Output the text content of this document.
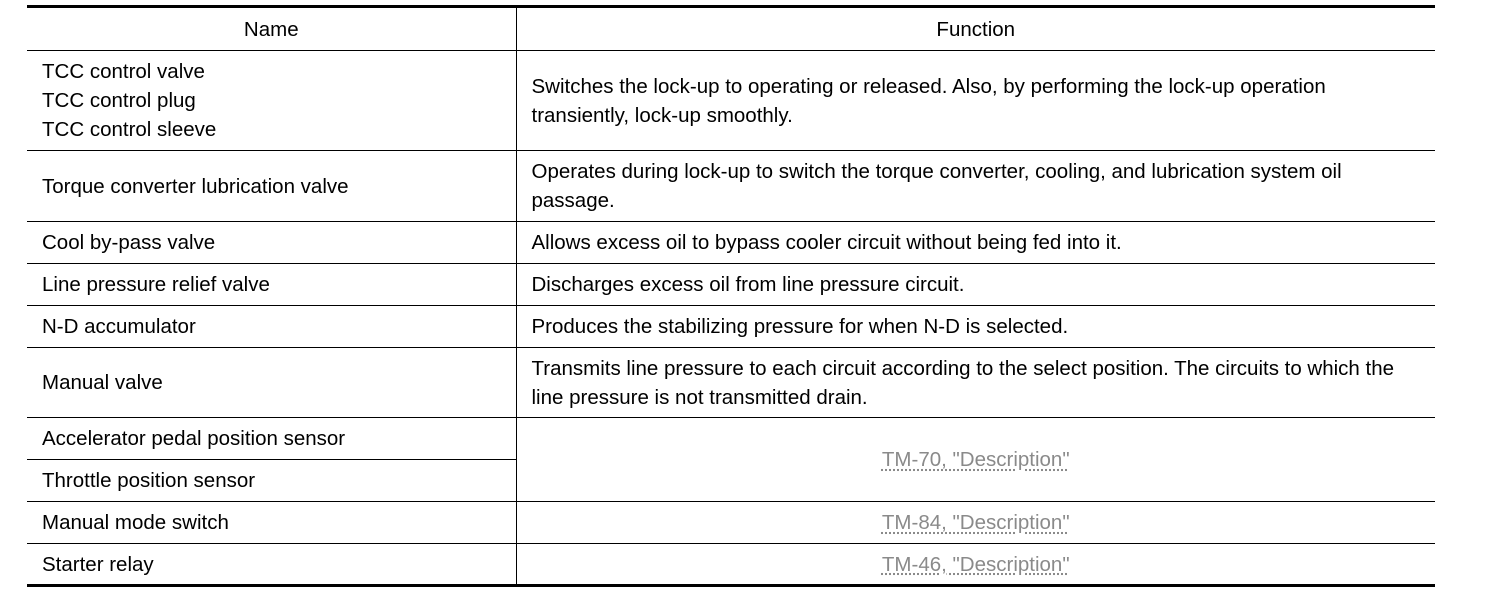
Name	Function

TCC control valve
TCC control plug
TCC control sleeve	Switches the lock-up to operating or released. Also, by performing the lock-up operation transiently, lock-up smoothly.
Torque converter lubrication valve	Operates during lock-up to switch the torque converter, cooling, and lubrication system oil passage.
Cool by-pass valve	Allows excess oil to bypass cooler circuit without being fed into it.
Line pressure relief valve	Discharges excess oil from line pressure circuit.
N-D accumulator	Produces the stabilizing pressure for when N-D is selected.
Manual valve	Transmits line pressure to each circuit according to the select position. The circuits to which the line pressure is not transmitted drain.
Accelerator pedal position sensor	TM-70, "Description"
Throttle position sensor	
Manual mode switch	TM-84, "Description"
Starter relay	TM-46, "Description"
